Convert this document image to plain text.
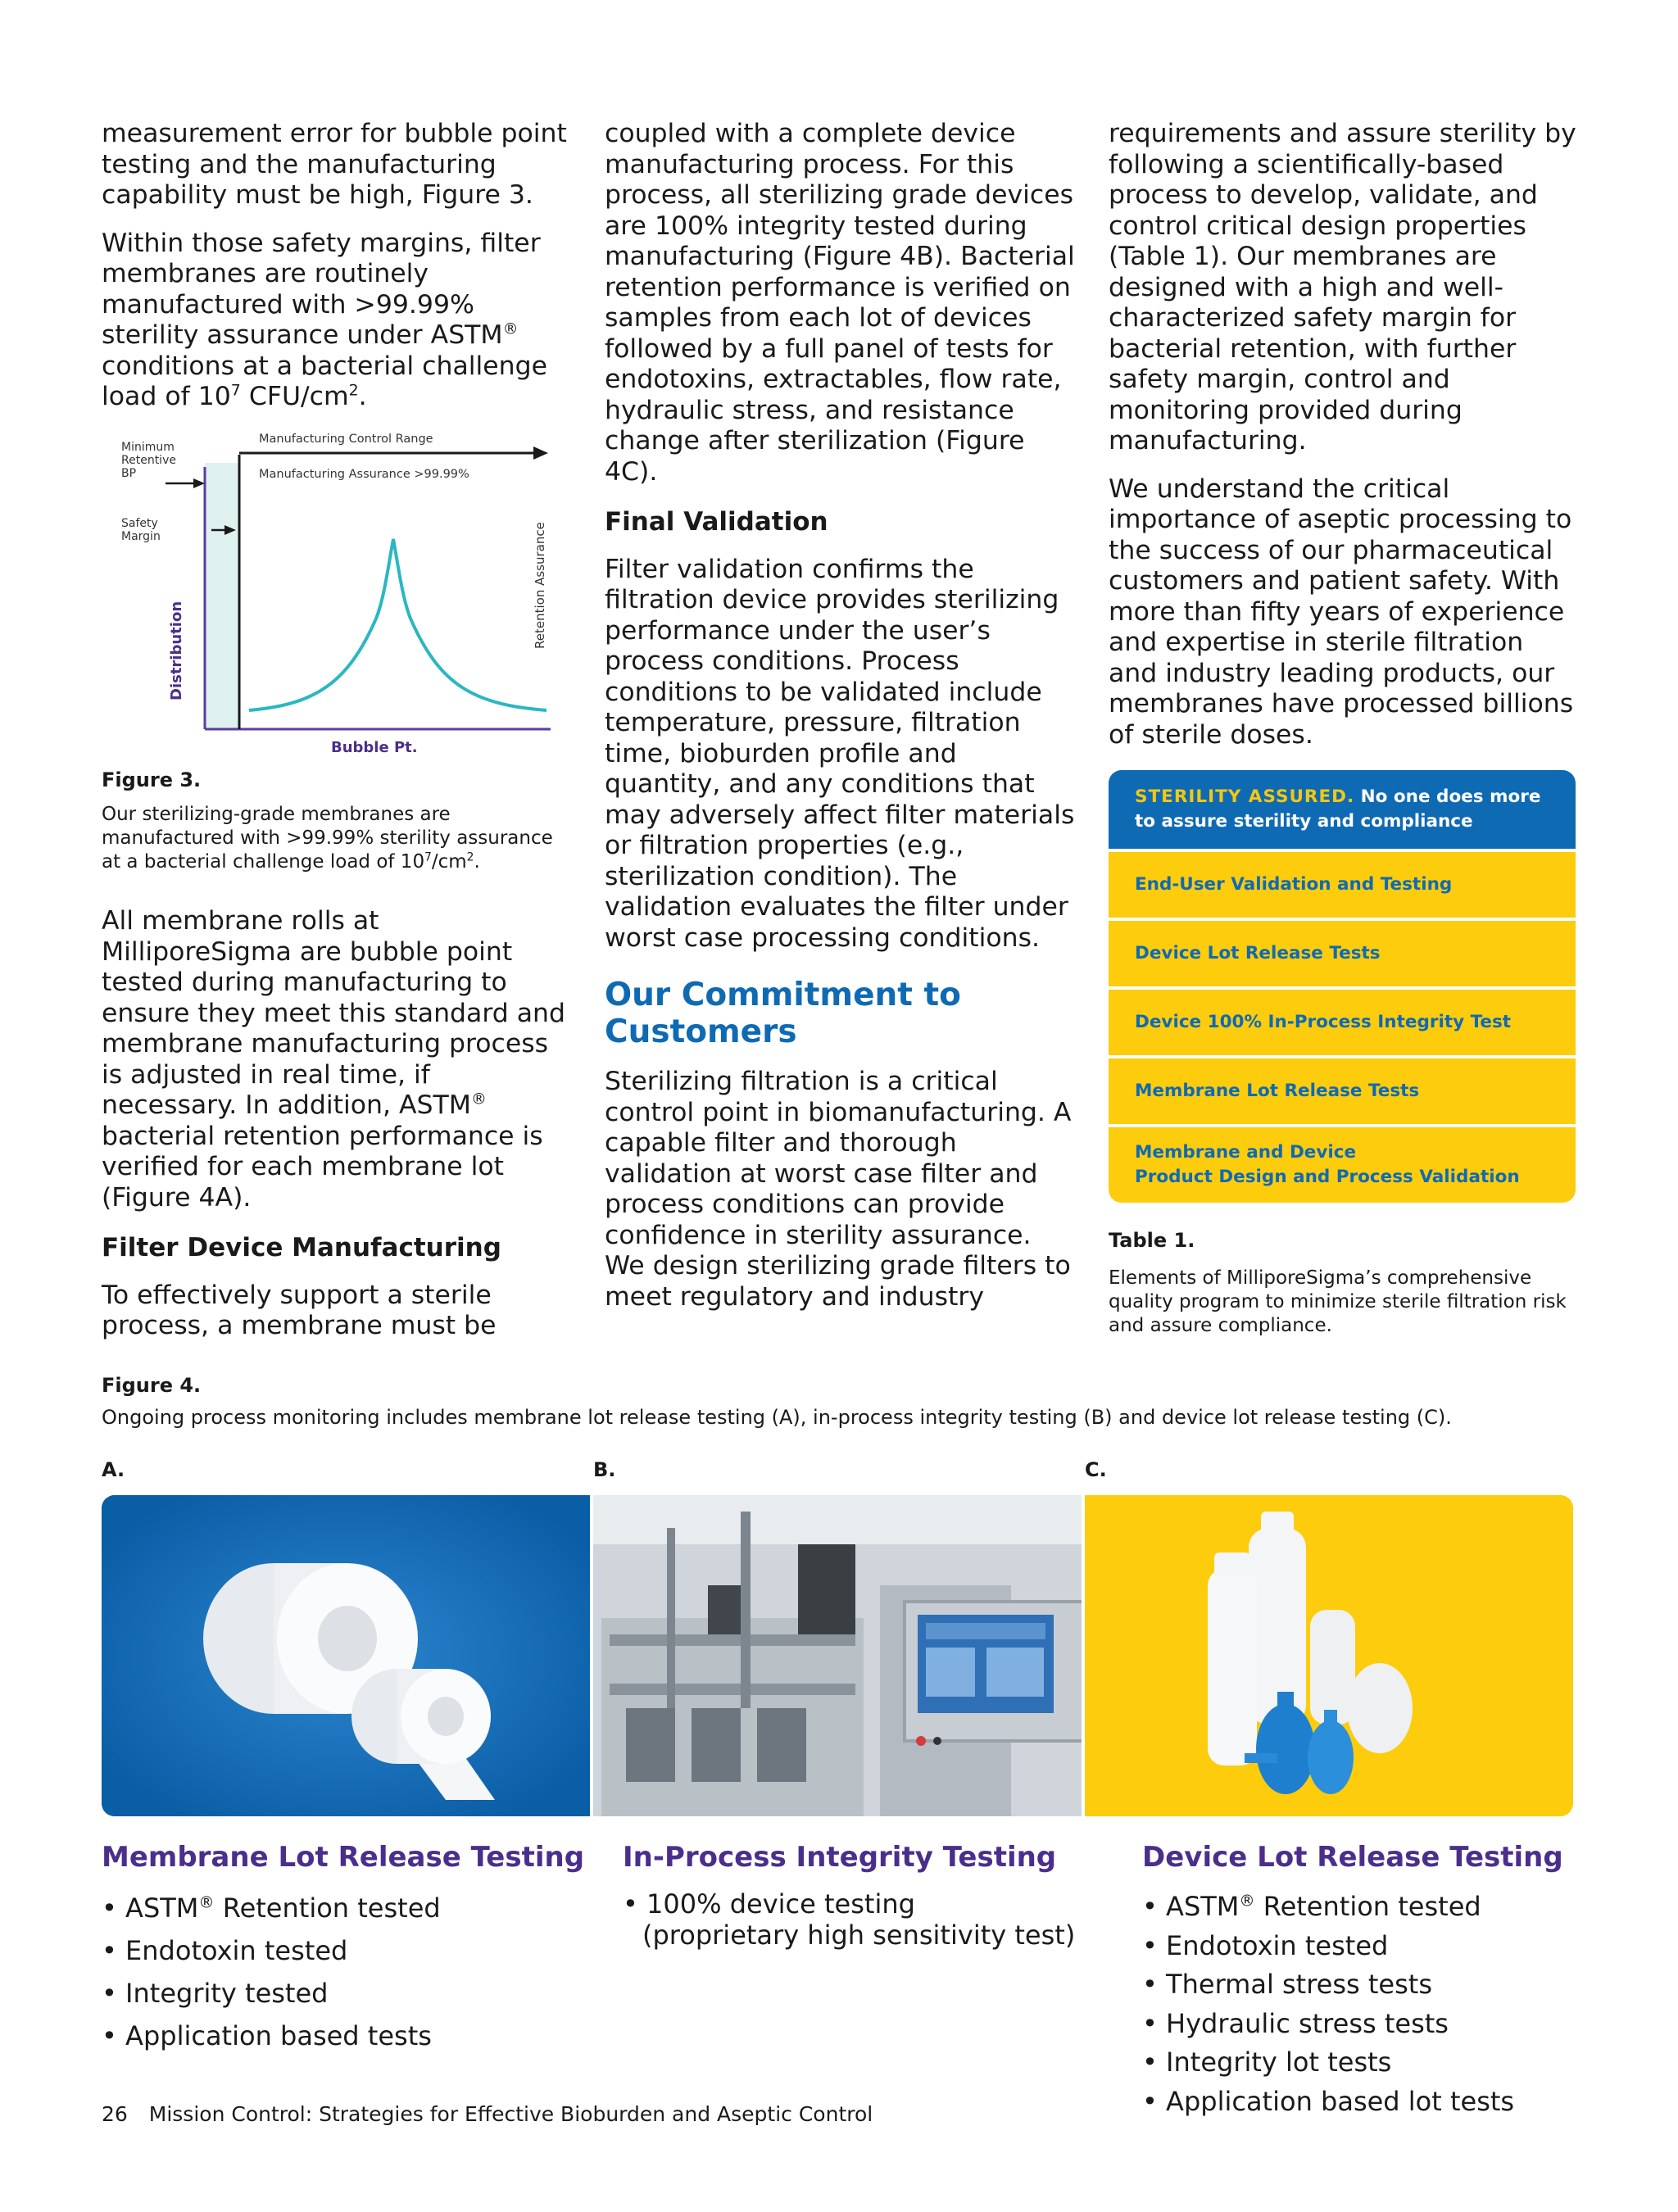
measurement error for bubble point testing and the manufacturing capability must be high, Figure 3.

Within those safety margins, filter membranes are routinely manufactured with >99.99% sterility assurance under ASTM® conditions at a bacterial challenge load of $10^7$ CFU/$cm^2$.

Minimum
Retentive
BP
Safety
Margin
Manufacturing Control Range
Manufacturing Assurance >99.99%
Retention Assurance
Distribution
Bubble Pt.
Figure 3.
Our sterilizing-grade membranes are manufactured with >99.99% sterility assurance at a bacterial challenge load of $10^7/cm^2$.

All membrane rolls at MilliporeSigma are bubble point tested during manufacturing to ensure they meet this standard and membrane manufacturing process is adjusted in real time, if necessary. In addition, ASTM® bacterial retention performance is verified for each membrane lot (Figure 4A).

Filter Device Manufacturing

To effectively support a sterile process, a membrane must be

coupled with a complete device manufacturing process. For this process, all sterilizing grade devices are 100% integrity tested during manufacturing (Figure 4B). Bacterial retention performance is verified on samples from each lot of devices followed by a full panel of tests for endotoxins, extractables, flow rate, hydraulic stress, and resistance change after sterilization (Figure 4C).

Final Validation

Filter validation confirms the filtration device provides sterilizing performance under the user’s process conditions. Process conditions to be validated include temperature, pressure, filtration time, bioburden profile and quantity, and any conditions that may adversely affect filter materials or filtration properties (e.g., sterilization condition). The validation evaluates the filter under worst case processing conditions.

Our Commitment to Customers

Sterilizing filtration is a critical control point in biomanufacturing. A capable filter and thorough validation at worst case filter and process conditions can provide confidence in sterility assurance. We design sterilizing grade filters to meet regulatory and industry

requirements and assure sterility by following a scientifically-based process to develop, validate, and control critical design properties (Table 1). Our membranes are designed with a high and well-characterized safety margin for bacterial retention, with further safety margin, control and monitoring provided during manufacturing.

We understand the critical importance of aseptic processing to the success of our pharmaceutical customers and patient safety. With more than fifty years of experience and expertise in sterile filtration and industry leading products, our membranes have processed billions of sterile doses.

STERILITY ASSURED. No one does more to assure sterility and compliance
End-User Validation and Testing
Device Lot Release Tests
Device 100% In-Process Integrity Test
Membrane Lot Release Tests
Membrane and Device
Product Design and Process Validation
Table 1.
Elements of MilliporeSigma’s comprehensive quality program to minimize sterile filtration risk and assure compliance.
Figure 4.
Ongoing process monitoring includes membrane lot release testing (A), in-process integrity testing (B) and device lot release testing (C).
A.	B.	C.
Membrane Lot Release Testing
• ASTM® Retention tested
• Endotoxin tested
• Integrity tested
• Application based tests
In-Process Integrity Testing
• 100% device testing
(proprietary high sensitivity test)
Device Lot Release Testing
• ASTM® Retention tested
• Endotoxin tested
• Thermal stress tests
• Hydraulic stress tests
• Integrity lot tests
• Application based lot tests
26 Mission Control: Strategies for Effective Bioburden and Aseptic Control
